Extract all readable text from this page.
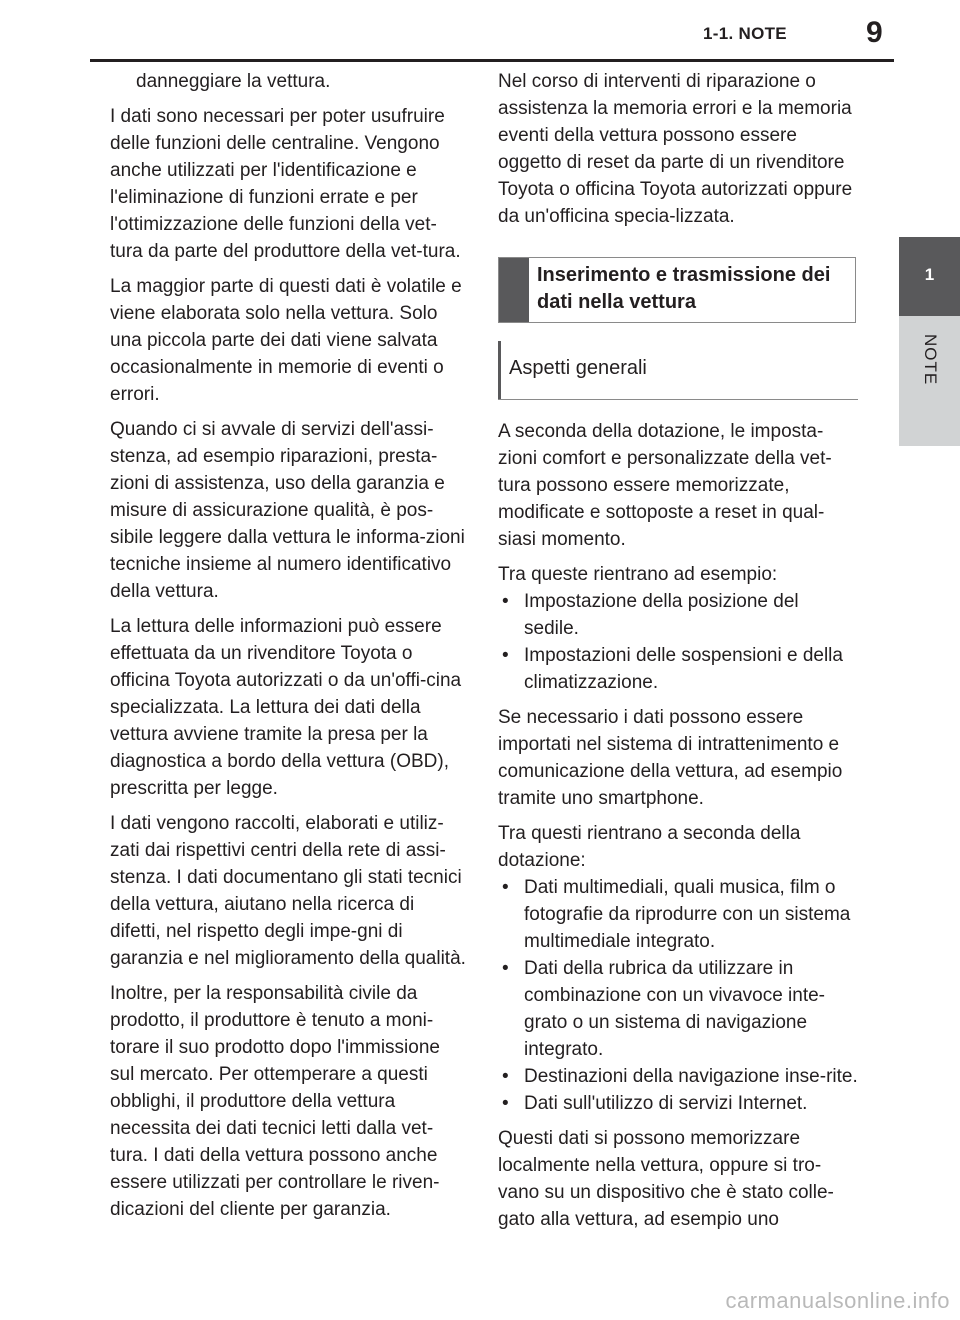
1-1. NOTE	9
1
NOTE

danneggiare la vettura.

I dati sono necessari per poter usufruire delle funzioni delle centraline. Vengono anche utilizzati per l'identificazione e l'eliminazione di funzioni errate e per l'ottimizzazione delle funzioni della vet-tura da parte del produttore della vet-tura.

La maggior parte di questi dati è volatile e viene elaborata solo nella vettura. Solo una piccola parte dei dati viene salvata occasionalmente in memorie di eventi o errori.

Quando ci si avvale di servizi dell'assi-stenza, ad esempio riparazioni, presta-zioni di assistenza, uso della garanzia e misure di assicurazione qualità, è pos-sibile leggere dalla vettura le informa-zioni tecniche insieme al numero identificativo della vettura.

La lettura delle informazioni può essere effettuata da un rivenditore Toyota o officina Toyota autorizzati o da un'offi-cina specializzata. La lettura dei dati della vettura avviene tramite la presa per la diagnostica a bordo della vettura (OBD), prescritta per legge.

I dati vengono raccolti, elaborati e utiliz-zati dai rispettivi centri della rete di assi-stenza. I dati documentano gli stati tecnici della vettura, aiutano nella ricerca di difetti, nel rispetto degli impe-gni di garanzia e nel miglioramento della qualità.

Inoltre, per la responsabilità civile da prodotto, il produttore è tenuto a moni-torare il suo prodotto dopo l'immissione sul mercato. Per ottemperare a questi obblighi, il produttore della vettura necessita dei dati tecnici letti dalla vet-tura. I dati della vettura possono anche essere utilizzati per controllare le riven-dicazioni del cliente per garanzia.

Nel corso di interventi di riparazione o assistenza la memoria errori e la memoria eventi della vettura possono essere oggetto di reset da parte di un rivenditore Toyota o officina Toyota autorizzati oppure da un'officina specia-lizzata.

Inserimento e trasmissione dei dati nella vettura
Aspetti generali

A seconda della dotazione, le imposta-zioni comfort e personalizzate della vet-tura possono essere memorizzate, modificate e sottoposte a reset in qual-siasi momento.

Tra queste rientrano ad esempio:

• Impostazione della posizione del sedile.
• Impostazioni delle sospensioni e della climatizzazione.

Se necessario i dati possono essere importati nel sistema di intrattenimento e comunicazione della vettura, ad esempio tramite uno smartphone.

Tra questi rientrano a seconda della dotazione:

• Dati multimediali, quali musica, film o fotografie da riprodurre con un sistema multimediale integrato.
• Dati della rubrica da utilizzare in combinazione con un vivavoce inte-grato o un sistema di navigazione integrato.
• Destinazioni della navigazione inse-rite.
• Dati sull'utilizzo di servizi Internet.

Questi dati si possono memorizzare localmente nella vettura, oppure si tro-vano su un dispositivo che è stato colle-gato alla vettura, ad esempio uno

carmanualsonline.info
